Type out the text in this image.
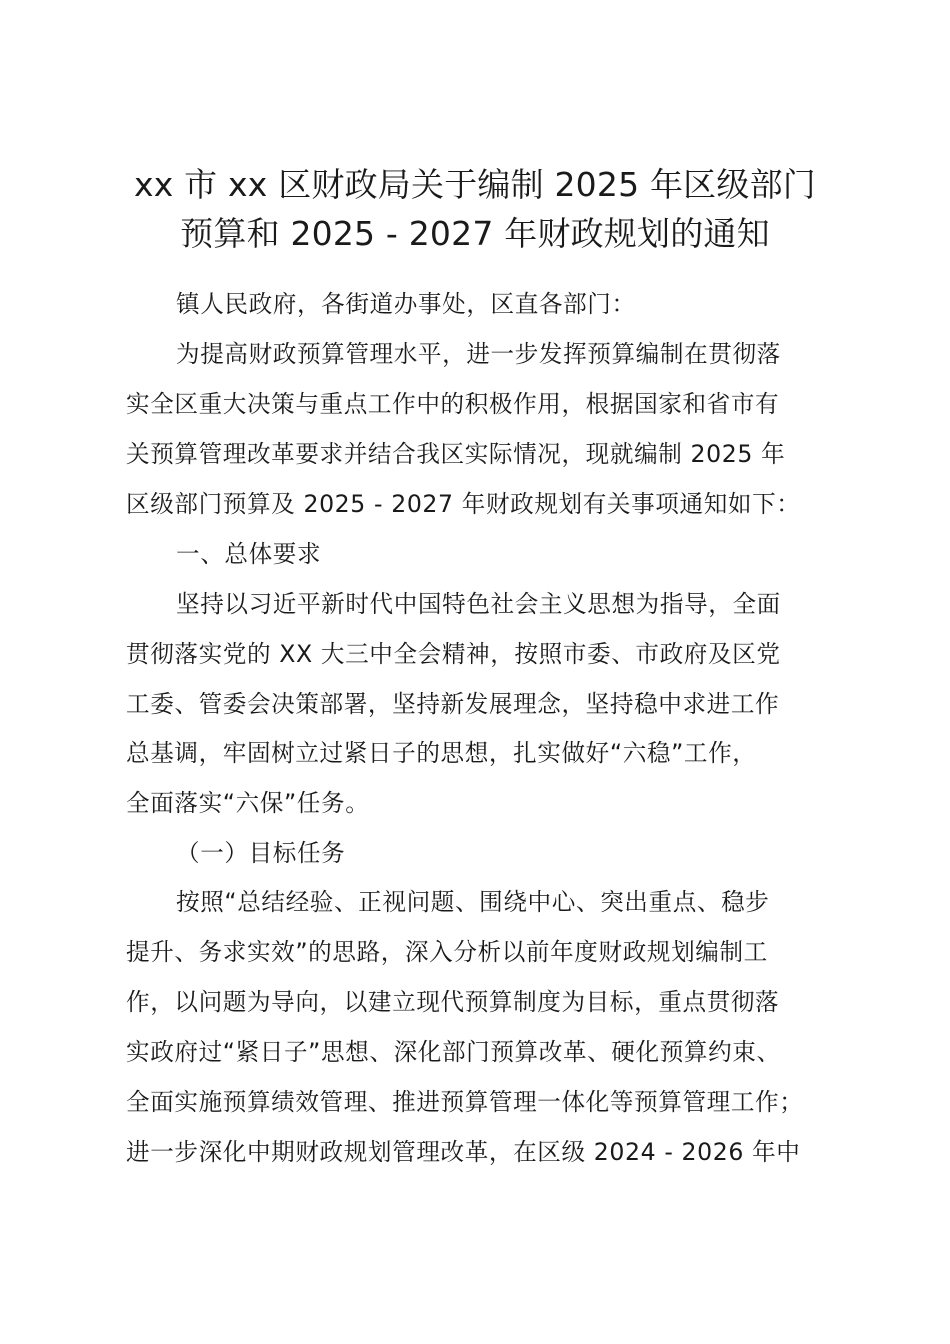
xx 市 xx 区财政局关于编制 2025 年区级部门
预算和 2025 - 2027 年财政规划的通知
镇人民政府，各街道办事处，区直各部门：
为提高财政预算管理水平，进一步发挥预算编制在贯彻落
实全区重大决策与重点工作中的积极作用，根据国家和省市有
关预算管理改革要求并结合我区实际情况，现就编制 2025 年
区级部门预算及 2025 - 2027 年财政规划有关事项通知如下：
一、总体要求
坚持以习近平新时代中国特色社会主义思想为指导，全面
贯彻落实党的 XX 大三中全会精神，按照市委、市政府及区党
工委、管委会决策部署，坚持新发展理念，坚持稳中求进工作
总基调，牢固树立过紧日子的思想，扎实做好“六稳”工作，
全面落实“六保”任务。
（一）目标任务
按照“总结经验、正视问题、围绕中心、突出重点、稳步
提升、务求实效”的思路，深入分析以前年度财政规划编制工
作，以问题为导向，以建立现代预算制度为目标，重点贯彻落
实政府过“紧日子”思想、深化部门预算改革、硬化预算约束、
全面实施预算绩效管理、推进预算管理一体化等预算管理工作；
进一步深化中期财政规划管理改革，在区级 2024 - 2026 年中
